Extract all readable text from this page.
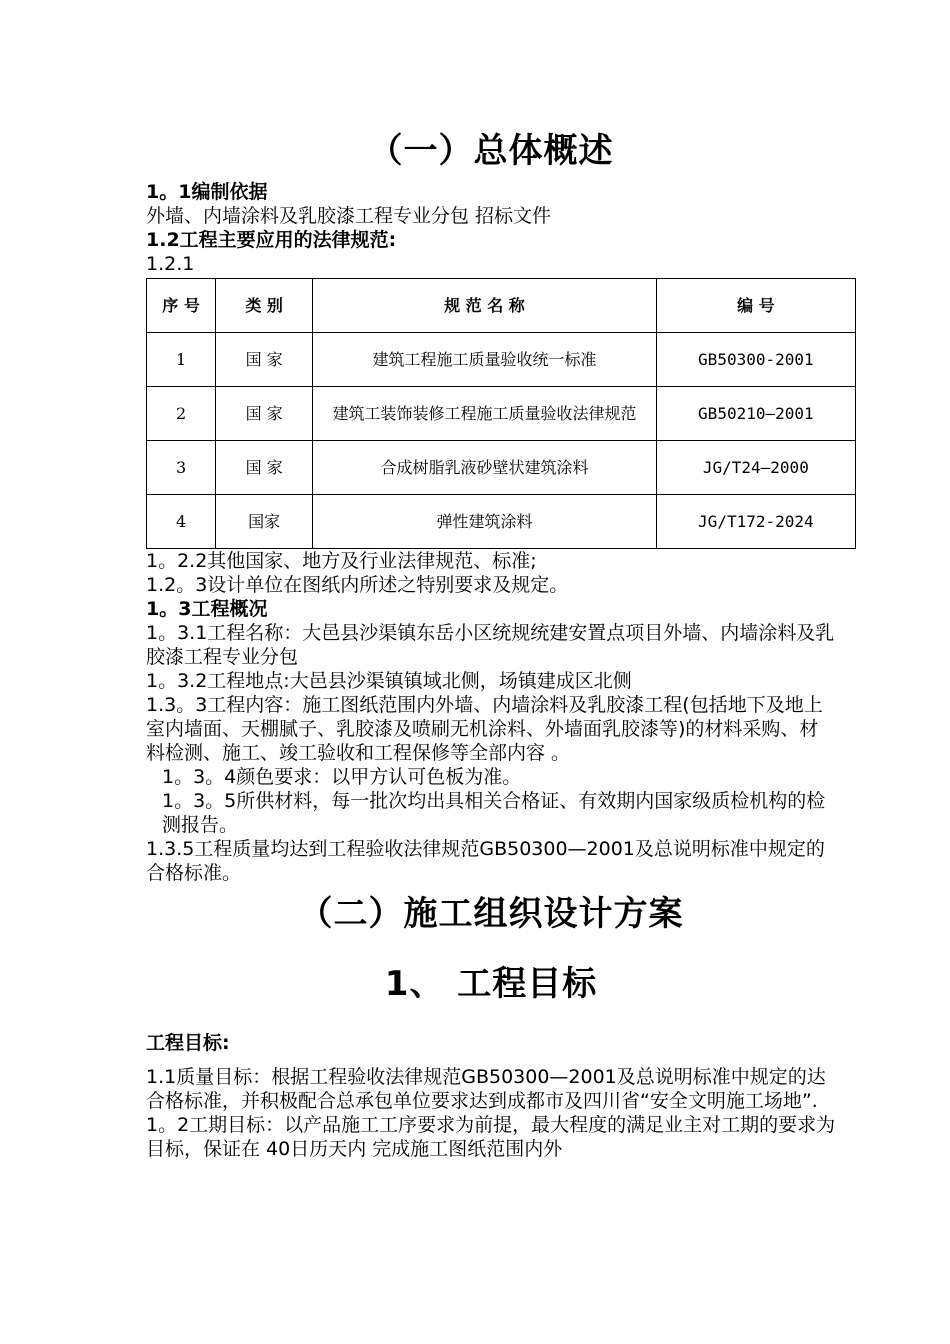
（一）总体概述

1。1编制依据

外墙、内墙涂料及乳胶漆工程专业分包 招标文件

1.2工程主要应用的法律规范:

1.2.1

序 号	类 别	规 范 名 称	编 号
1	国 家	建筑工程施工质量验收统一标准	GB50300-2001
2	国 家	建筑工装饰装修工程施工质量验收法律规范	GB50210—2001
3	国 家	合成树脂乳液砂壁状建筑涂料	JG/T24—2000
4	国家	弹性建筑涂料	JG/T172-2024

1。2.2其他国家、地方及行业法律规范、标准;

1.2。3设计单位在图纸内所述之特别要求及规定。

1。3工程概况

1。3.1工程名称：大邑县沙渠镇东岳小区统规统建安置点项目外墙、内墙涂料及乳胶漆工程专业分包

1。3.2工程地点:大邑县沙渠镇镇域北侧，场镇建成区北侧

1.3。3工程内容：施工图纸范围内外墙、内墙涂料及乳胶漆工程(包括地下及地上室内墙面、天棚腻子、乳胶漆及喷刷无机涂料、外墙面乳胶漆等)的材料采购、材料检测、施工、竣工验收和工程保修等全部内容 。

1。3。4颜色要求：以甲方认可色板为准。

1。3。5所供材料，每一批次均出具相关合格证、有效期内国家级质检机构的检测报告。

1.3.5工程质量均达到工程验收法律规范GB50300—2001及总说明标准中规定的合格标准。

（二）施工组织设计方案
1、 工程目标

工程目标:

1.1质量目标：根据工程验收法律规范GB50300—2001及总说明标准中规定的达合格标准，并积极配合总承包单位要求达到成都市及四川省“安全文明施工场地”.

1。2工期目标：以产品施工工序要求为前提，最大程度的满足业主对工期的要求为目标，保证在 40日历天内 完成施工图纸范围内外
